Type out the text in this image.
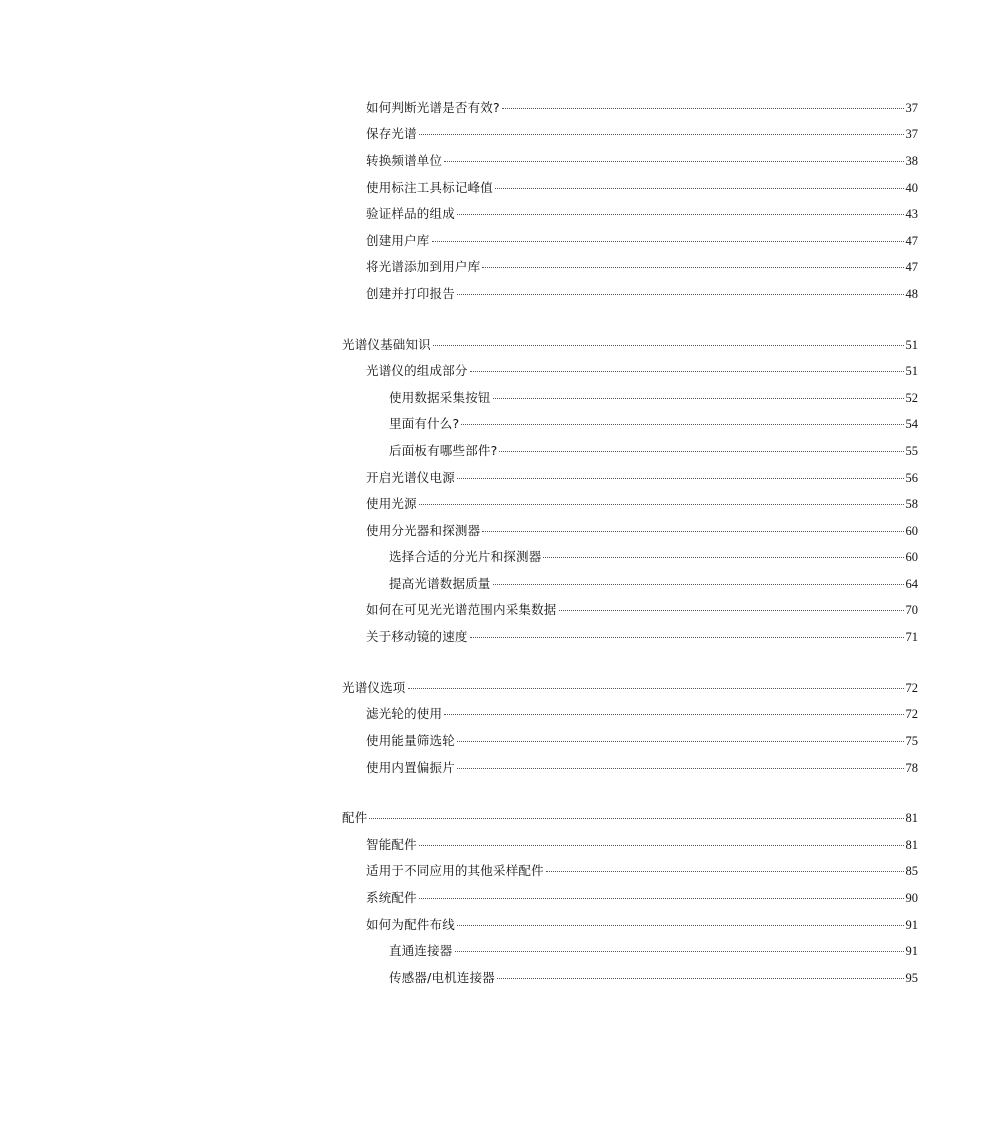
如何判断光谱是否有效?	37
保存光谱	37
转换频谱单位	38
使用标注工具标记峰值	40
验证样品的组成	43
创建用户库	47
将光谱添加到用户库	47
创建并打印报告	48
光谱仪基础知识	51
光谱仪的组成部分	51
使用数据采集按钮	52
里面有什么?	54
后面板有哪些部件?	55
开启光谱仪电源	56
使用光源	58
使用分光器和探测器	60
选择合适的分光片和探测器	60
提高光谱数据质量	64
如何在可见光光谱范围内采集数据	70
关于移动镜的速度	71
光谱仪选项	72
滤光轮的使用	72
使用能量筛选轮	75
使用内置偏振片	78
配件	81
智能配件	81
适用于不同应用的其他采样配件	85
系统配件	90
如何为配件布线	91
直通连接器	91
传感器/电机连接器	95
